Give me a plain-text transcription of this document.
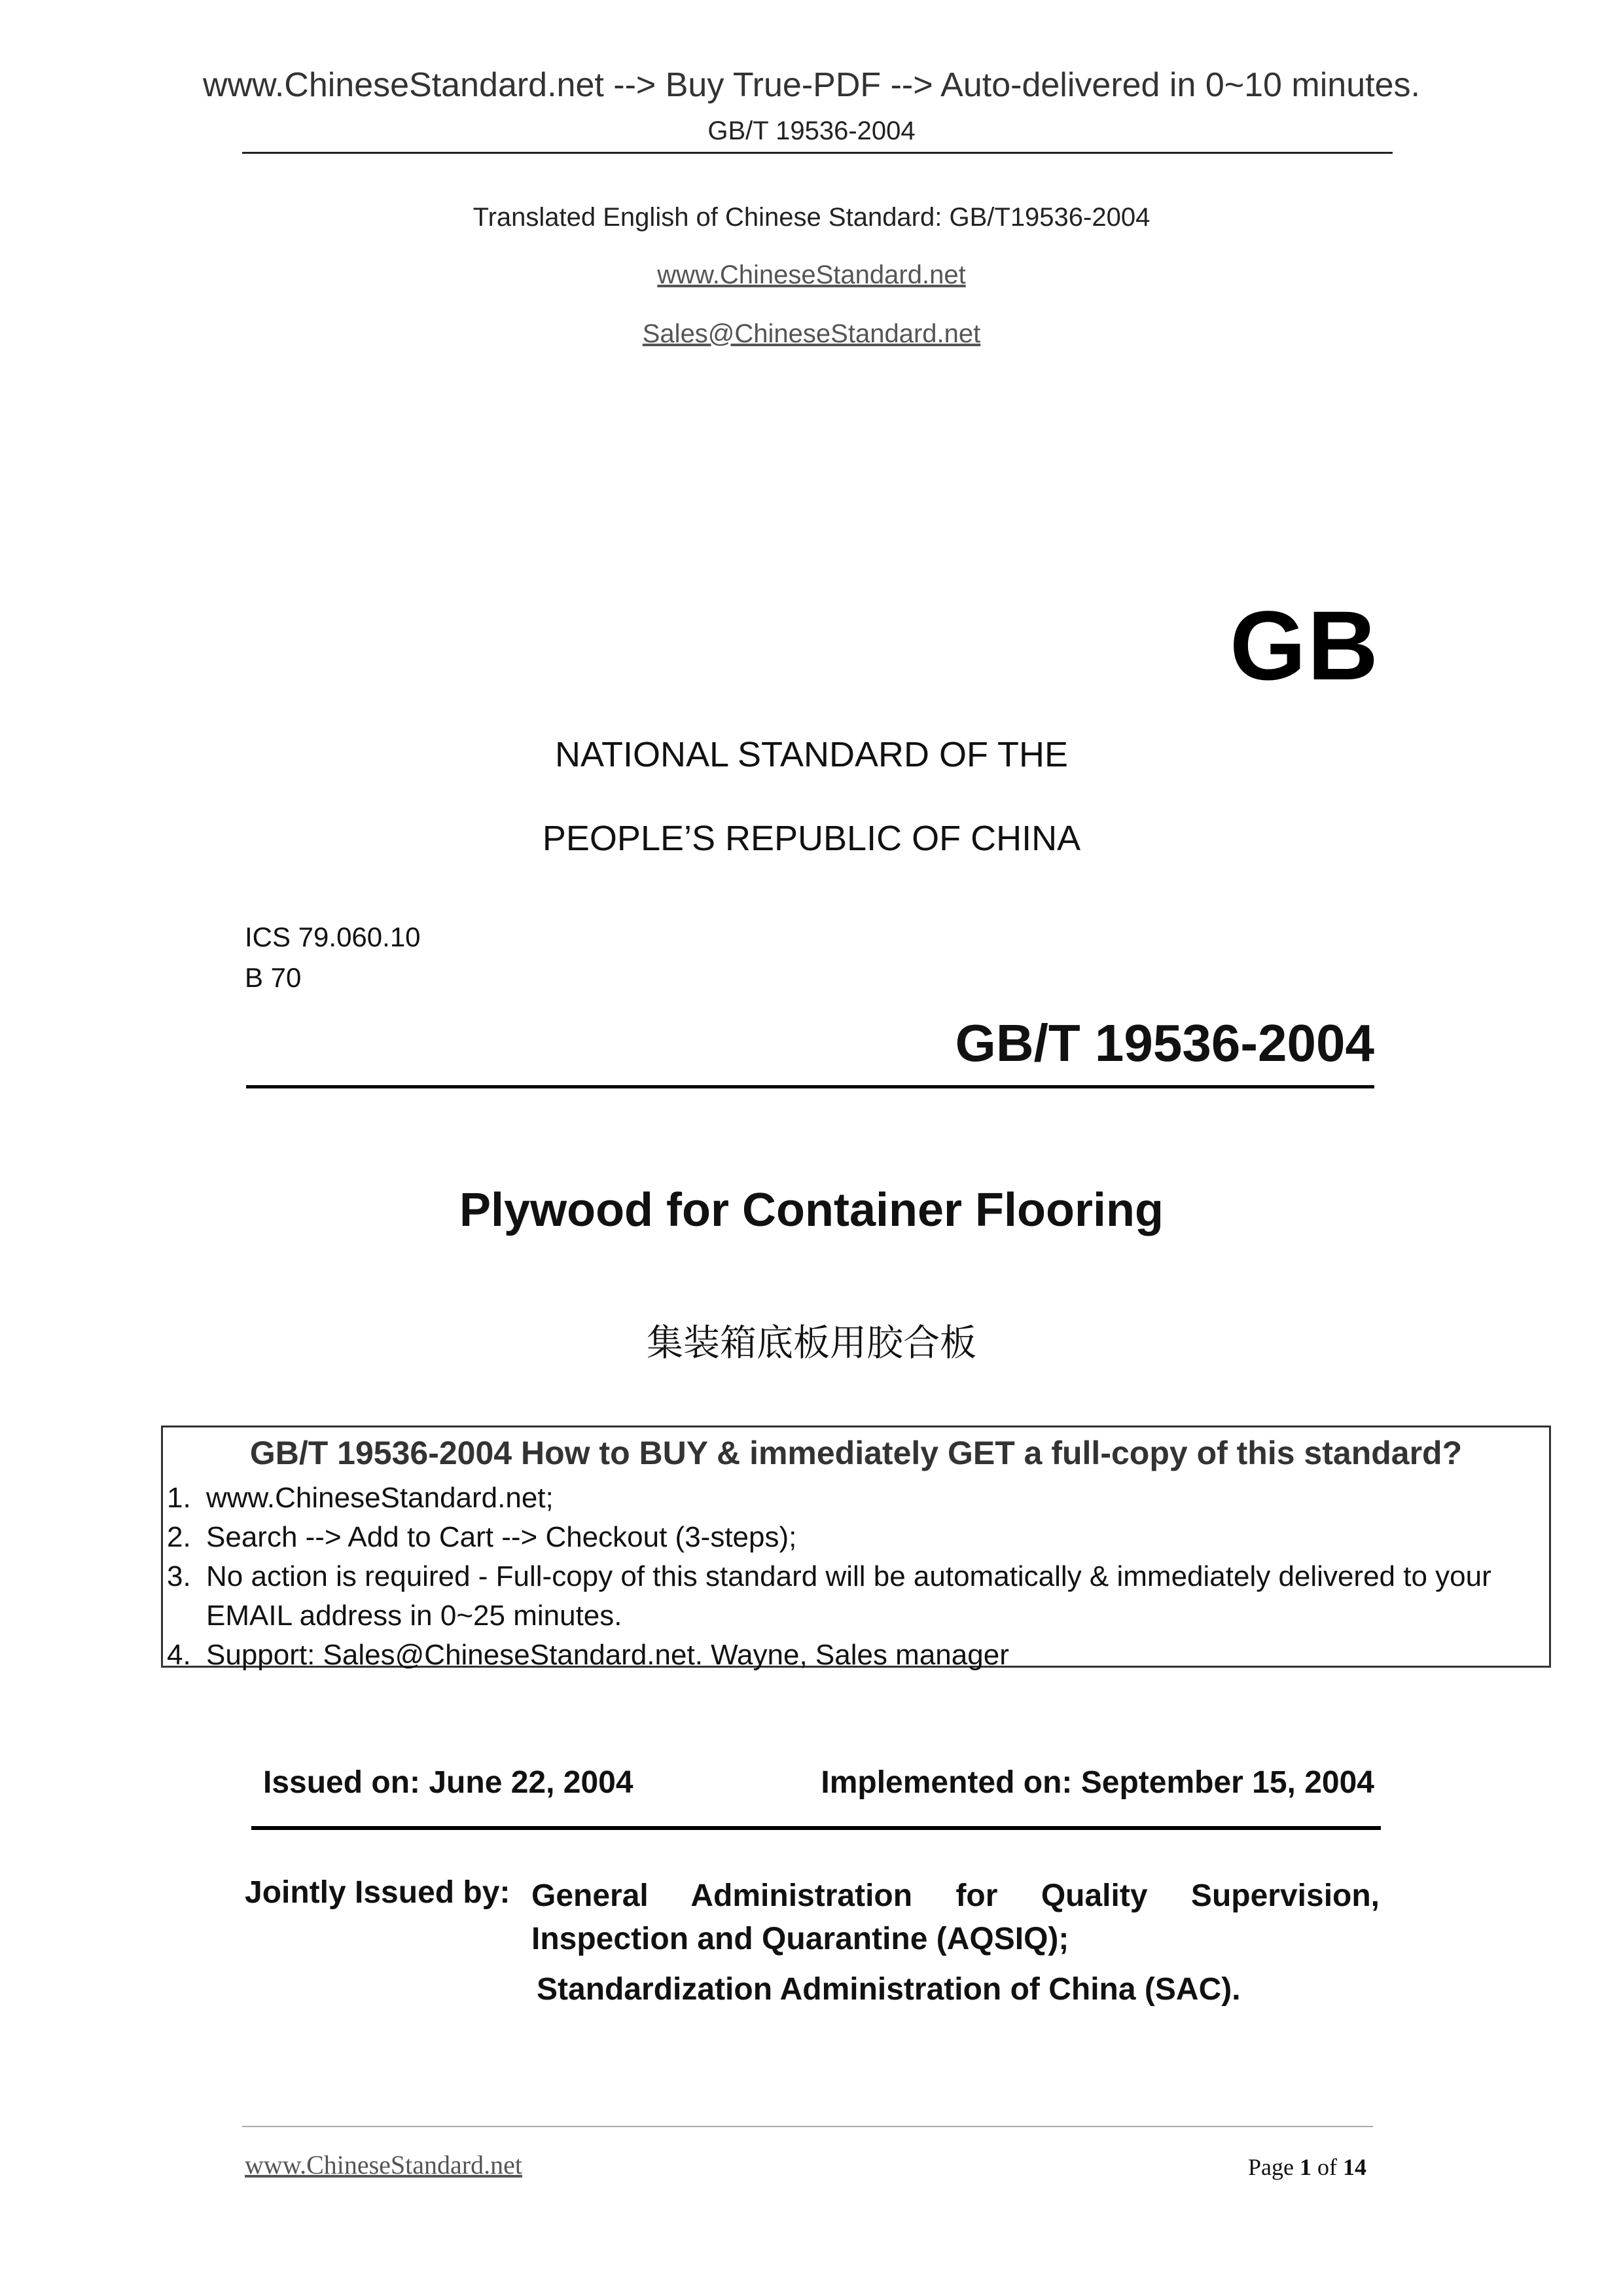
www.ChineseStandard.net --> Buy True-PDF --> Auto-delivered in 0~10 minutes.
GB/T 19536-2004
Translated English of Chinese Standard: GB/T19536-2004
www.ChineseStandard.net
Sales@ChineseStandard.net
GB
NATIONAL STANDARD OF THE
PEOPLE’S REPUBLIC OF CHINA
ICS 79.060.10
B 70
GB/T 19536-2004
Plywood for Container Flooring
集装箱底板用胶合板
GB/T 19536-2004 How to BUY & immediately GET a full-copy of this standard?
1. www.ChineseStandard.net;
2. Search --> Add to Cart --> Checkout (3-steps);
3. No action is required - Full-copy of this standard will be automatically & immediately delivered to your EMAIL address in 0~25 minutes.
4. Support: Sales@ChineseStandard.net. Wayne, Sales manager
Issued on: June 22, 2004	Implemented on: September 15, 2004
Jointly Issued by: General Administration for Quality Supervision, Inspection and Quarantine (AQSIQ);
Standardization Administration of China (SAC).
www.ChineseStandard.net	Page 1 of 14
